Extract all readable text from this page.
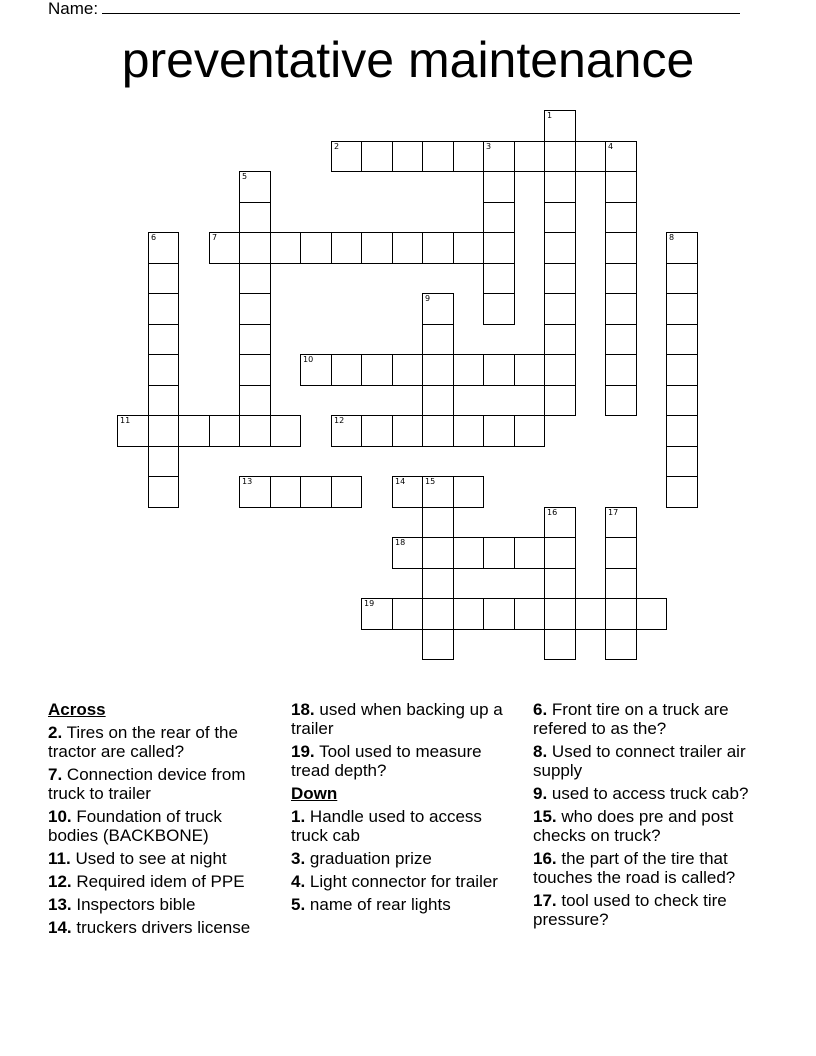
Name:
preventative maintenance
1
2	3	4
5
6	7	8
9
10
11	12
13	14 15
16	17
18
19
Across
2. Tires on the rear of the tractor are called?
7. Connection device from truck to trailer
10. Foundation of truck bodies (BACKBONE)
11. Used to see at night
12. Required idem of PPE
13. Inspectors bible
14. truckers drivers license
18. used when backing up a trailer
19. Tool used to measure tread depth?
Down
1. Handle used to access truck cab
3. graduation prize
4. Light connector for trailer
5. name of rear lights
6. Front tire on a truck are refered to as the?
8. Used to connect trailer air supply
9. used to access truck cab?
15. who does pre and post checks on truck?
16. the part of the tire that touches the road is called?
17. tool used to check tire pressure?
